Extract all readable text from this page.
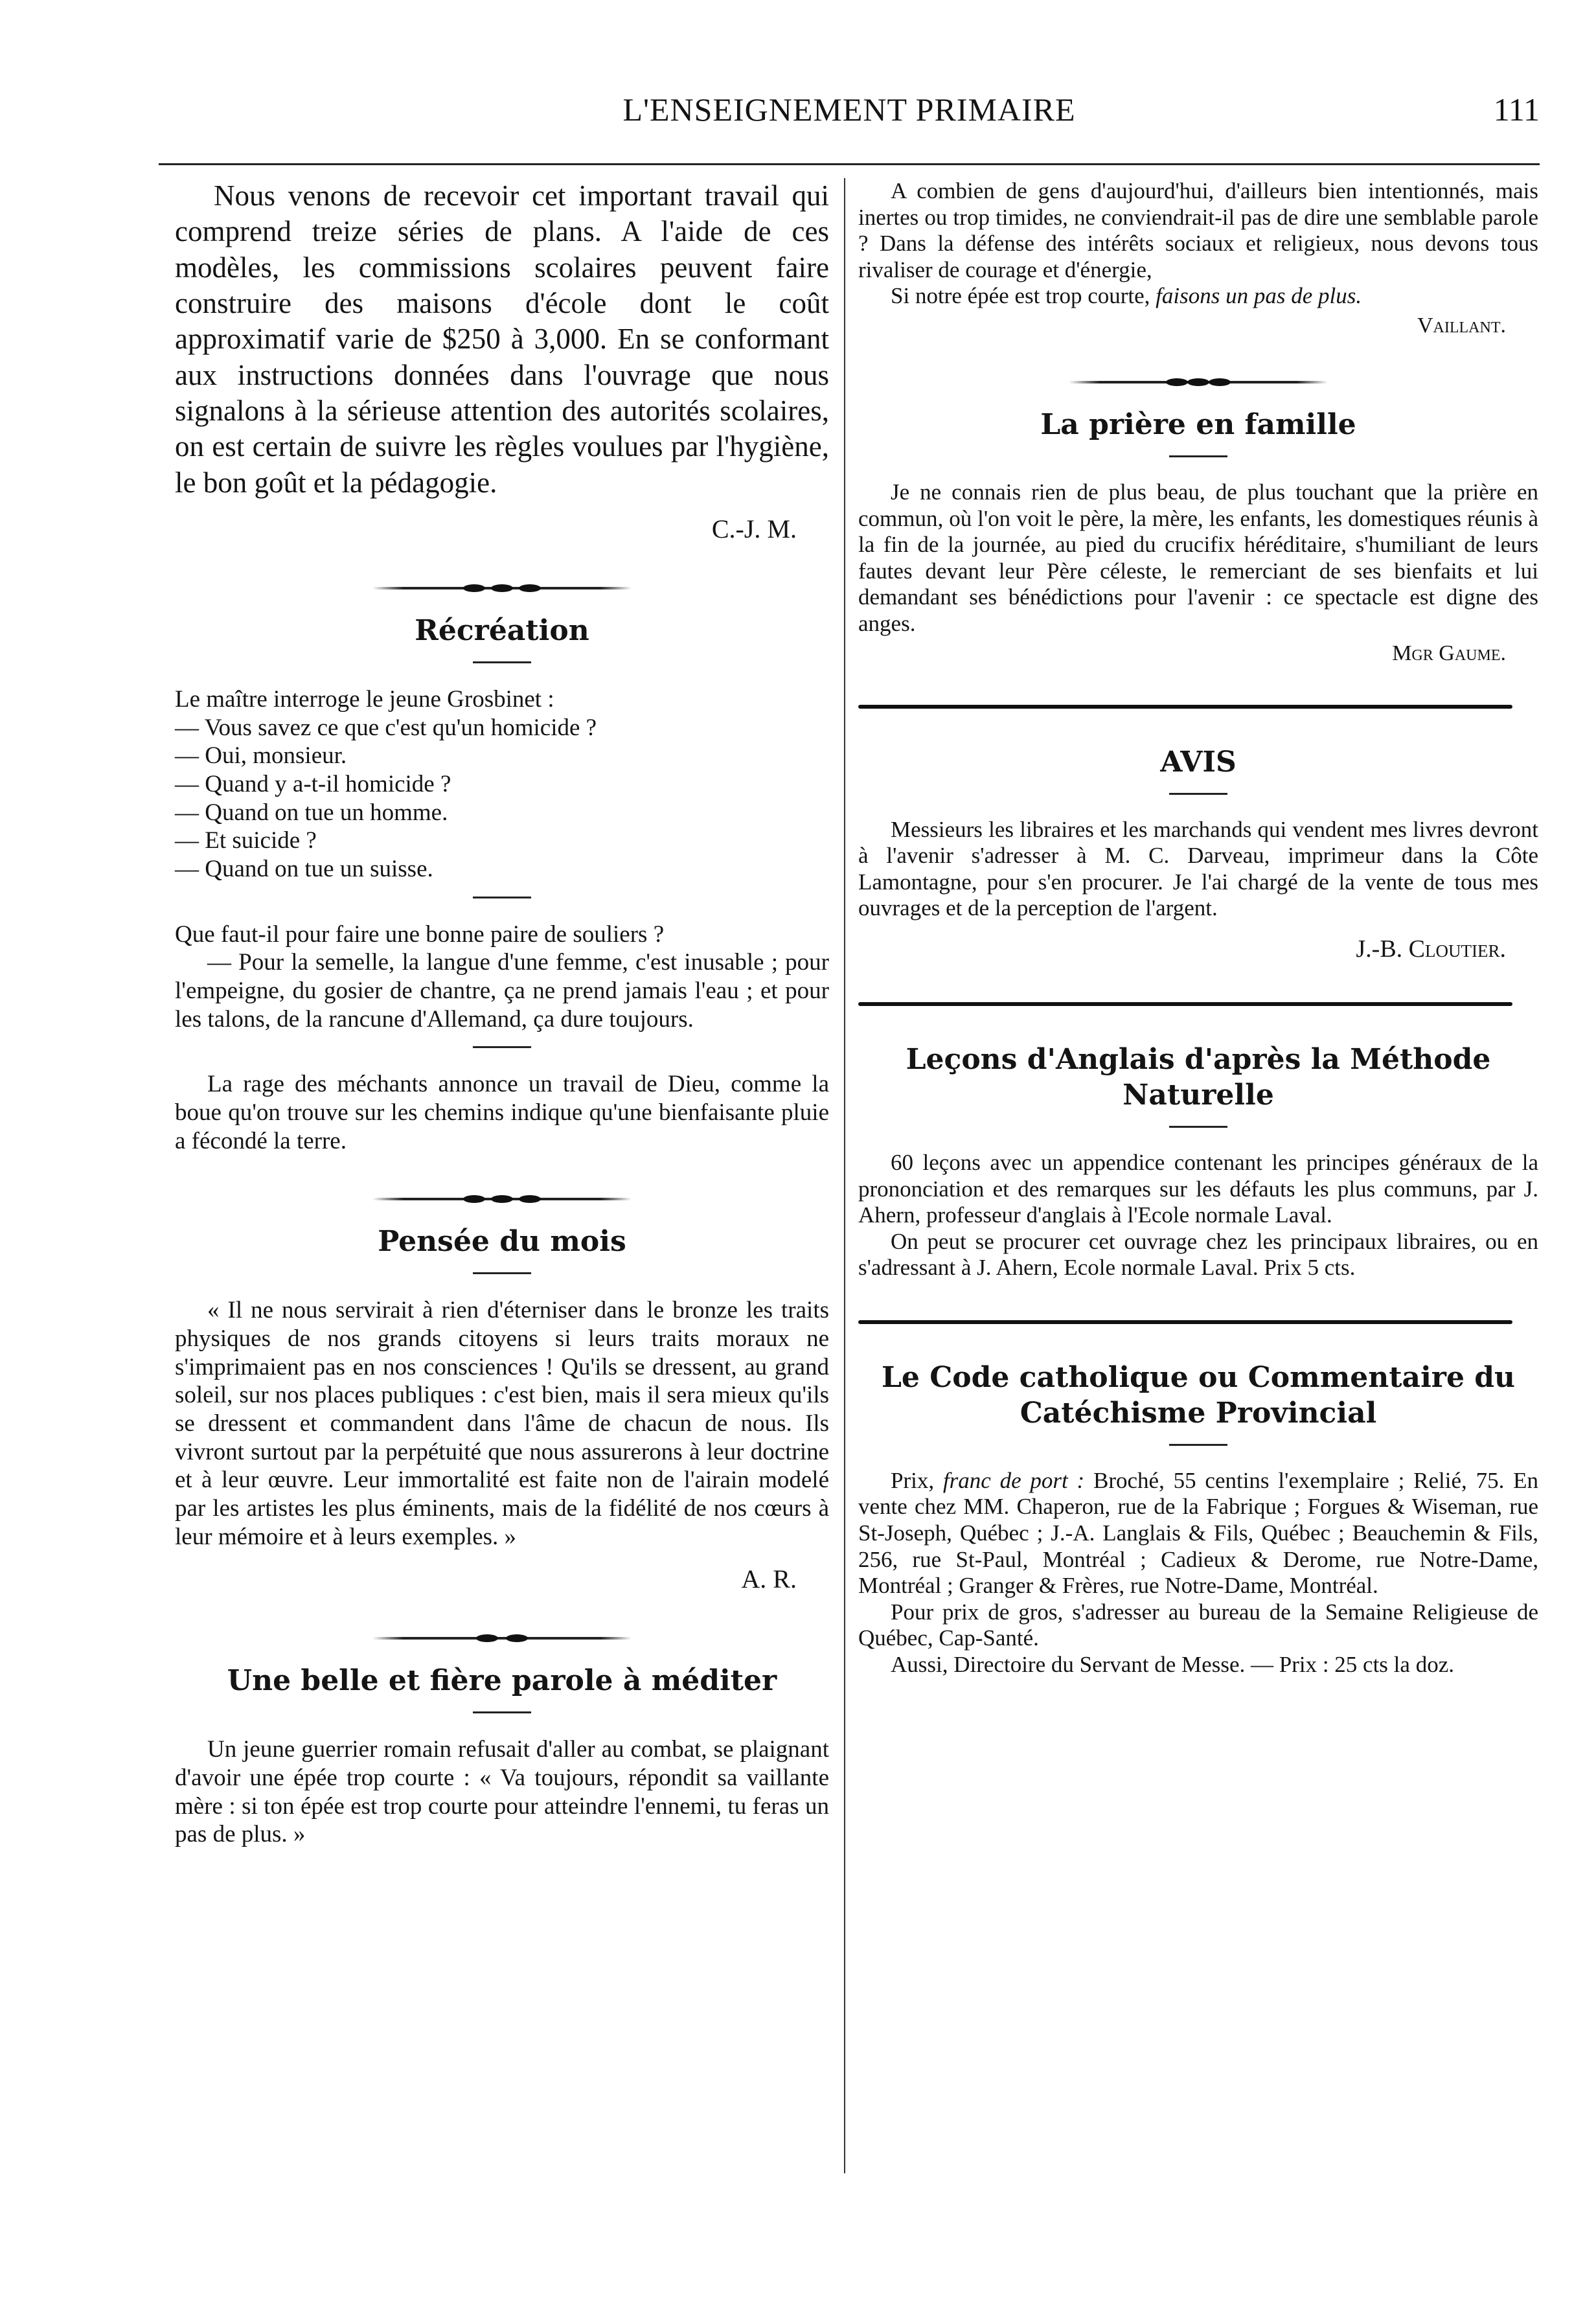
L'ENSEIGNEMENT PRIMAIRE	111

Nous venons de recevoir cet important travail qui comprend treize séries de plans. A l'aide de ces modèles, les commissions scolaires peuvent faire construire des maisons d'école dont le coût approximatif varie de $250 à 3,000. En se conformant aux instructions données dans l'ouvrage que nous signalons à la sérieuse attention des autorités scolaires, on est certain de suivre les règles voulues par l'hygiène, le bon goût et la pédagogie.

C.-J. M.
Récréation

Le maître interroge le jeune Grosbinet :

— Vous savez ce que c'est qu'un homicide ?

— Oui, monsieur.

— Quand y a-t-il homicide ?

— Quand on tue un homme.

— Et suicide ?

— Quand on tue un suisse.

Que faut-il pour faire une bonne paire de souliers ?

— Pour la semelle, la langue d'une femme, c'est inusable ; pour l'empeigne, du gosier de chantre, ça ne prend jamais l'eau ; et pour les talons, de la rancune d'Allemand, ça dure toujours.

La rage des méchants annonce un travail de Dieu, comme la boue qu'on trouve sur les chemins indique qu'une bienfaisante pluie a fécondé la terre.

Pensée du mois

« Il ne nous servirait à rien d'éterniser dans le bronze les traits physiques de nos grands citoyens si leurs traits moraux ne s'imprimaient pas en nos consciences ! Qu'ils se dressent, au grand soleil, sur nos places publiques : c'est bien, mais il sera mieux qu'ils se dressent et commandent dans l'âme de chacun de nous. Ils vivront surtout par la perpétuité que nous assurerons à leur doctrine et à leur œuvre. Leur immortalité est faite non de l'airain modelé par les artistes les plus éminents, mais de la fidélité de nos cœurs à leur mémoire et à leurs exemples. »

A. R.
Une belle et fière parole à méditer

Un jeune guerrier romain refusait d'aller au combat, se plaignant d'avoir une épée trop courte : « Va toujours, répondit sa vaillante mère : si ton épée est trop courte pour atteindre l'ennemi, tu feras un pas de plus. »

A combien de gens d'aujourd'hui, d'ailleurs bien intentionnés, mais inertes ou trop timides, ne conviendrait-il pas de dire une semblable parole ? Dans la défense des intérêts sociaux et religieux, nous devons tous rivaliser de courage et d'énergie,

Si notre épée est trop courte, faisons un pas de plus.

Vaillant.
La prière en famille

Je ne connais rien de plus beau, de plus touchant que la prière en commun, où l'on voit le père, la mère, les enfants, les domestiques réunis à la fin de la journée, au pied du crucifix héréditaire, s'humiliant de leurs fautes devant leur Père céleste, le remerciant de ses bienfaits et lui demandant ses bénédictions pour l'avenir : ce spectacle est digne des anges.

Mgr Gaume.
AVIS

Messieurs les libraires et les marchands qui vendent mes livres devront à l'avenir s'adresser à M. C. Darveau, imprimeur dans la Côte Lamontagne, pour s'en procurer. Je l'ai chargé de la vente de tous mes ouvrages et de la perception de l'argent.

J.-B. Cloutier.
Leçons d'Anglais d'après la Méthode Naturelle

60 leçons avec un appendice contenant les principes généraux de la prononciation et des remarques sur les défauts les plus communs, par J. Ahern, professeur d'anglais à l'Ecole normale Laval.

On peut se procurer cet ouvrage chez les principaux libraires, ou en s'adressant à J. Ahern, Ecole normale Laval. Prix 5 cts.

Le Code catholique ou Commentaire du Catéchisme Provincial

Prix, franc de port : Broché, 55 centins l'exemplaire ; Relié, 75. En vente chez MM. Chaperon, rue de la Fabrique ; Forgues & Wiseman, rue St-Joseph, Québec ; J.-A. Langlais & Fils, Québec ; Beauchemin & Fils, 256, rue St-Paul, Montréal ; Cadieux & Derome, rue Notre-Dame, Montréal ; Granger & Frères, rue Notre-Dame, Montréal.

Pour prix de gros, s'adresser au bureau de la Semaine Religieuse de Québec, Cap-Santé.

Aussi, Directoire du Servant de Messe. — Prix : 25 cts la doz.
